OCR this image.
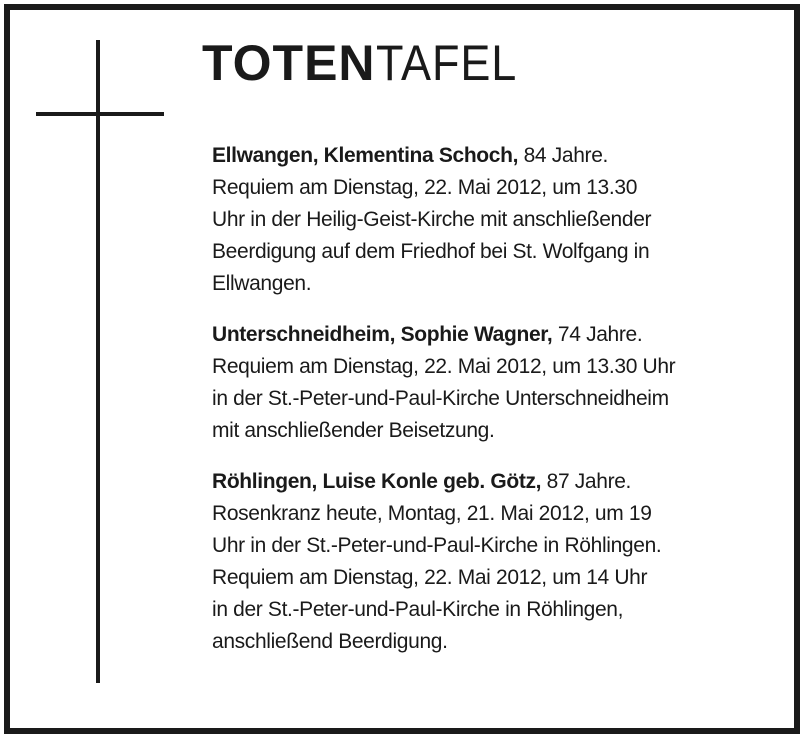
TOTENTAFEL
Ellwangen, Klementina Schoch, 84 Jahre.
Requiem am Dienstag, 22. Mai 2012, um 13.30
Uhr in der Heilig-Geist-Kirche mit anschließender
Beerdigung auf dem Friedhof bei St. Wolfgang in
Ellwangen.
Unterschneidheim, Sophie Wagner, 74 Jahre.
Requiem am Dienstag, 22. Mai 2012, um 13.30 Uhr
in der St.-Peter-und-Paul-Kirche Unterschneidheim
mit anschließender Beisetzung.
Röhlingen, Luise Konle geb. Götz, 87 Jahre.
Rosenkranz heute, Montag, 21. Mai 2012, um 19
Uhr in der St.-Peter-und-Paul-Kirche in Röhlingen.
Requiem am Dienstag, 22. Mai 2012, um 14 Uhr
in der St.-Peter-und-Paul-Kirche in Röhlingen,
anschließend Beerdigung.
